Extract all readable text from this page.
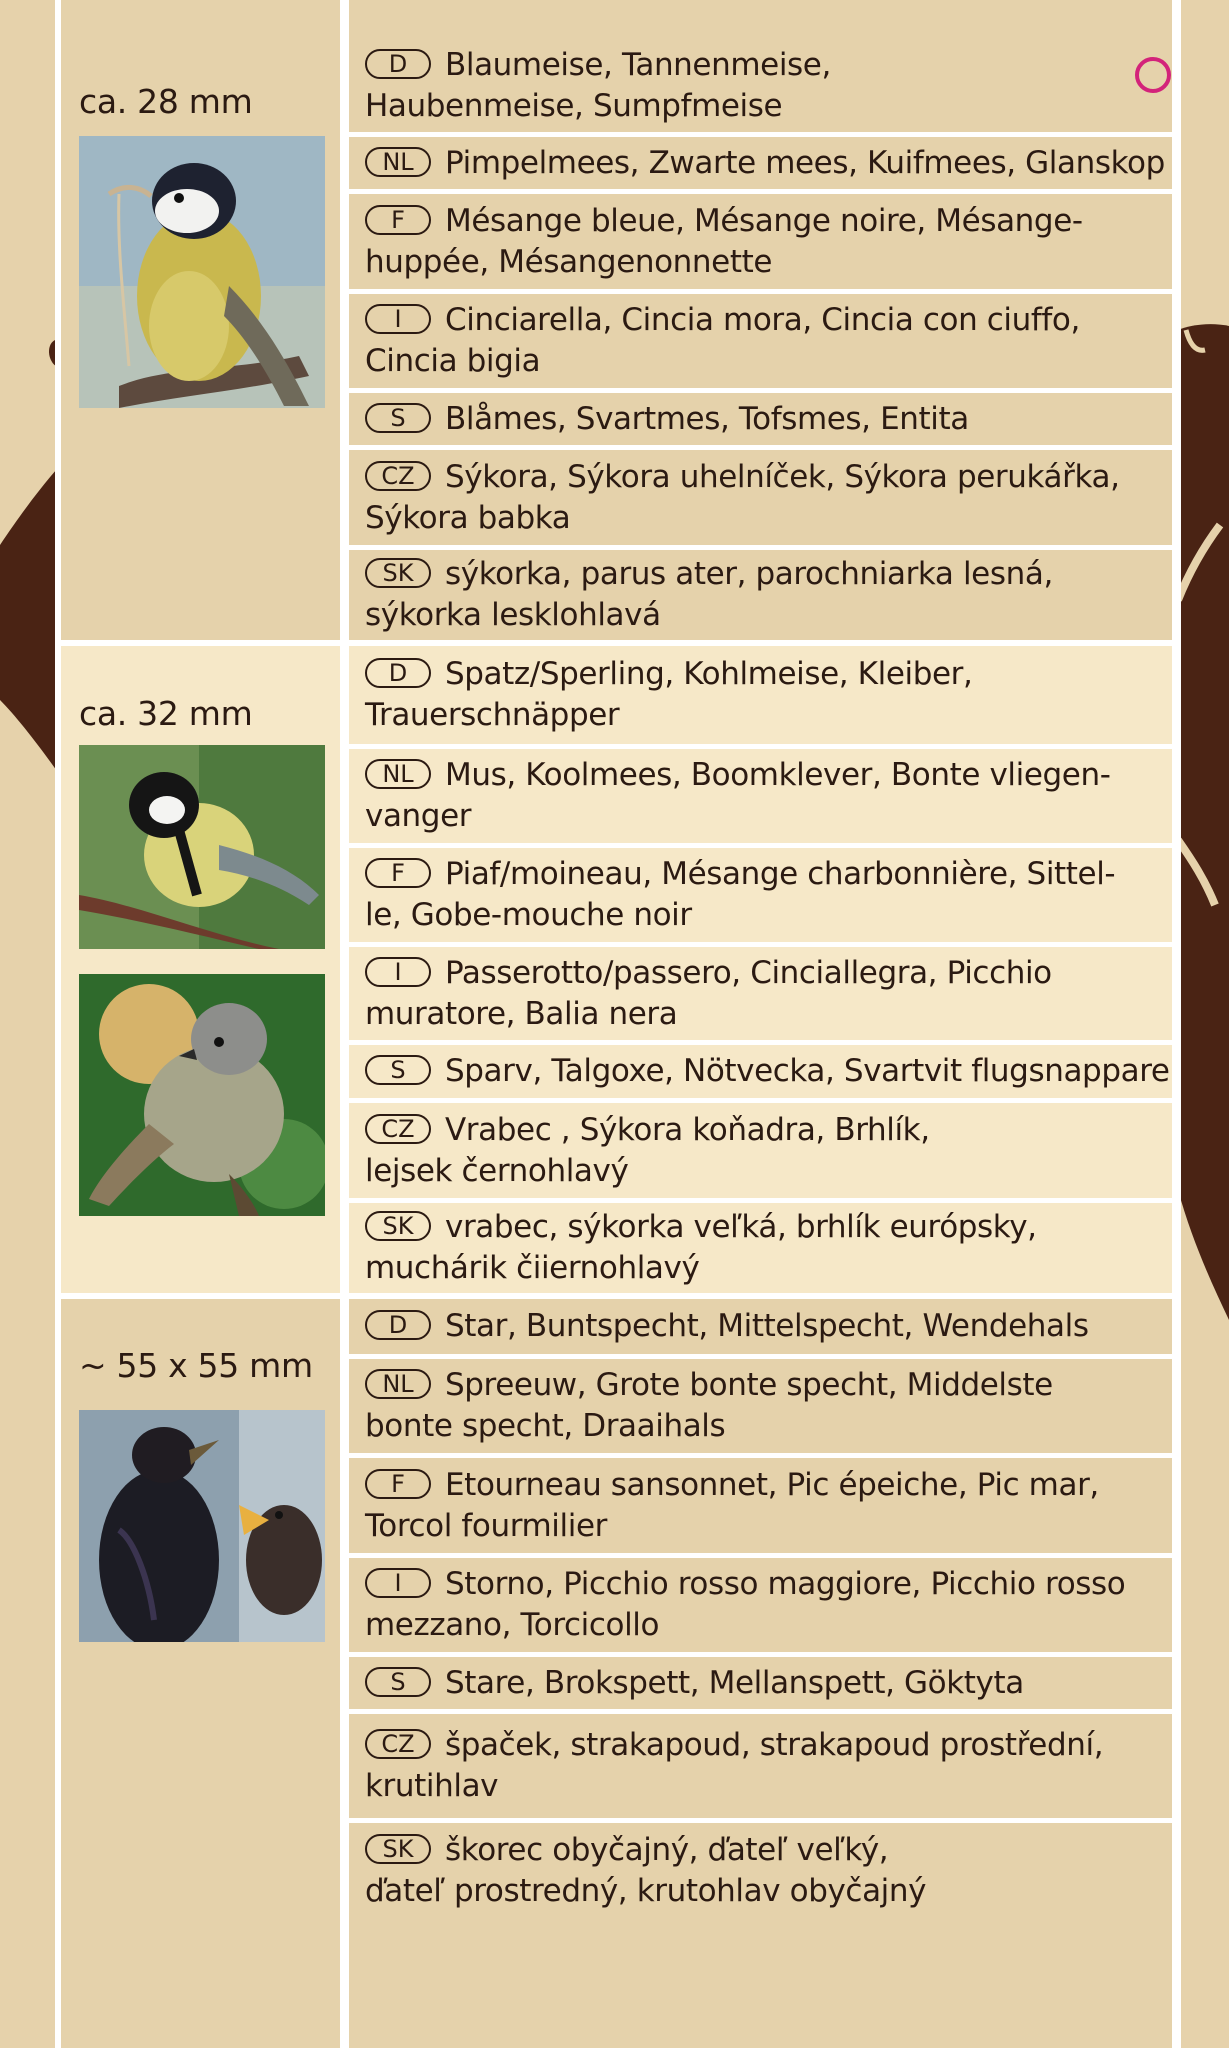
ca. 28 mm
ca. 32 mm
~ 55 x 55 mm
D Blaumeise, Tannenmeise,
Haubenmeise, Sumpfmeise
NL Pimpelmees, Zwarte mees, Kuifmees, Glanskop
F Mésange bleue, Mésange noire, Mésange-
huppée, Mésangenonnette
I Cinciarella, Cincia mora, Cincia con ciuffo,
Cincia bigia
S Blåmes, Svartmes, Tofsmes, Entita
CZ Sýkora, Sýkora uhelníček, Sýkora perukářka,
Sýkora babka
SK sýkorka, parus ater, parochniarka lesná,
sýkorka lesklohlavá
D Spatz/Sperling, Kohlmeise, Kleiber,
Trauerschnäpper
NL Mus, Koolmees, Boomklever, Bonte vliegen-
vanger
F Piaf/moineau, Mésange charbonnière, Sittel-
le, Gobe-mouche noir
I Passerotto/passero, Cinciallegra, Picchio
muratore, Balia nera
S Sparv, Talgoxe, Nötvecka, Svartvit flugsnappare
CZ Vrabec , Sýkora koňadra, Brhlík,
lejsek černohlavý
SK vrabec, sýkorka veľká, brhlík európsky,
muchárik čiiernohlavý
D Star, Buntspecht, Mittelspecht, Wendehals
NL Spreeuw, Grote bonte specht, Middelste
bonte specht, Draaihals
F Etourneau sansonnet, Pic épeiche, Pic mar,
Torcol fourmilier
I Storno, Picchio rosso maggiore, Picchio rosso
mezzano, Torcicollo
S Stare, Brokspett, Mellanspett, Göktyta
CZ špaček, strakapoud, strakapoud prostřední,
krutihlav
SK škorec obyčajný, ďateľ veľký,
ďateľ prostredný, krutohlav obyčajný
